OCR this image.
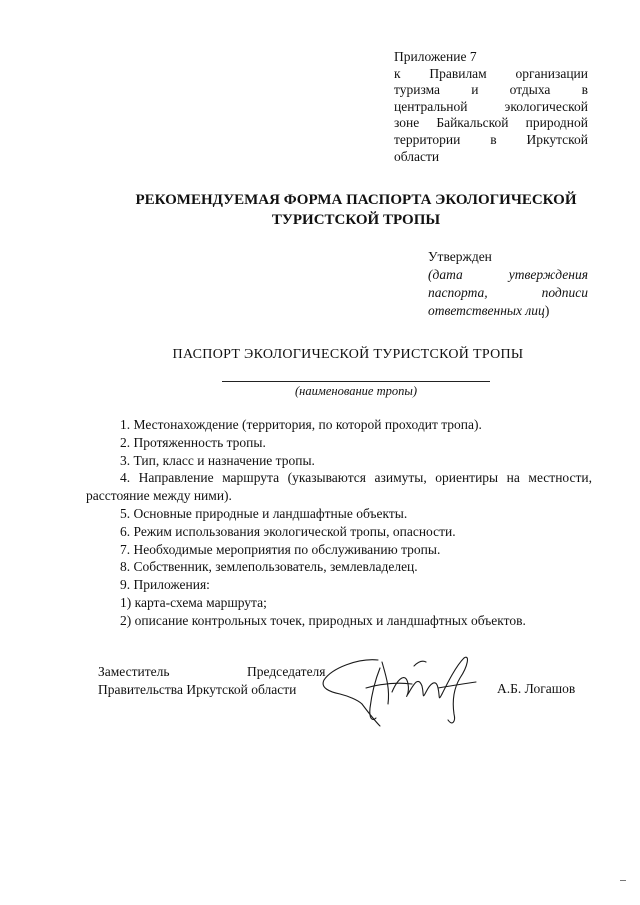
Приложение 7
к Правилам организации
туризма и отдыха в
центральной экологической
зоне Байкальской природной
территории в Иркутской
области
РЕКОМЕНДУЕМАЯ ФОРМА ПАСПОРТА ЭКОЛОГИЧЕСКОЙ ТУРИСТСКОЙ ТРОПЫ
Утвержден
(дата утверждения
паспорта, подписи
ответственных лиц)
ПАСПОРТ ЭКОЛОГИЧЕСКОЙ ТУРИСТСКОЙ ТРОПЫ
(наименование тропы)
1. Местонахождение (территория, по которой проходит тропа).
2. Протяженность тропы.
3. Тип, класс и назначение тропы.
4. Направление маршрута (указываются азимуты, ориентиры на местности, расстояние между ними).
5. Основные природные и ландшафтные объекты.
6. Режим использования экологической тропы, опасности.
7. Необходимые мероприятия по обслуживанию тропы.
8. Собственник, землепользователь, землевладелец.
9. Приложения:
1) карта-схема маршрута;
2) описание контрольных точек, природных и ландшафтных объектов.
Заместитель	Председателя
Правительства Иркутской области	А.Б. Логашов
